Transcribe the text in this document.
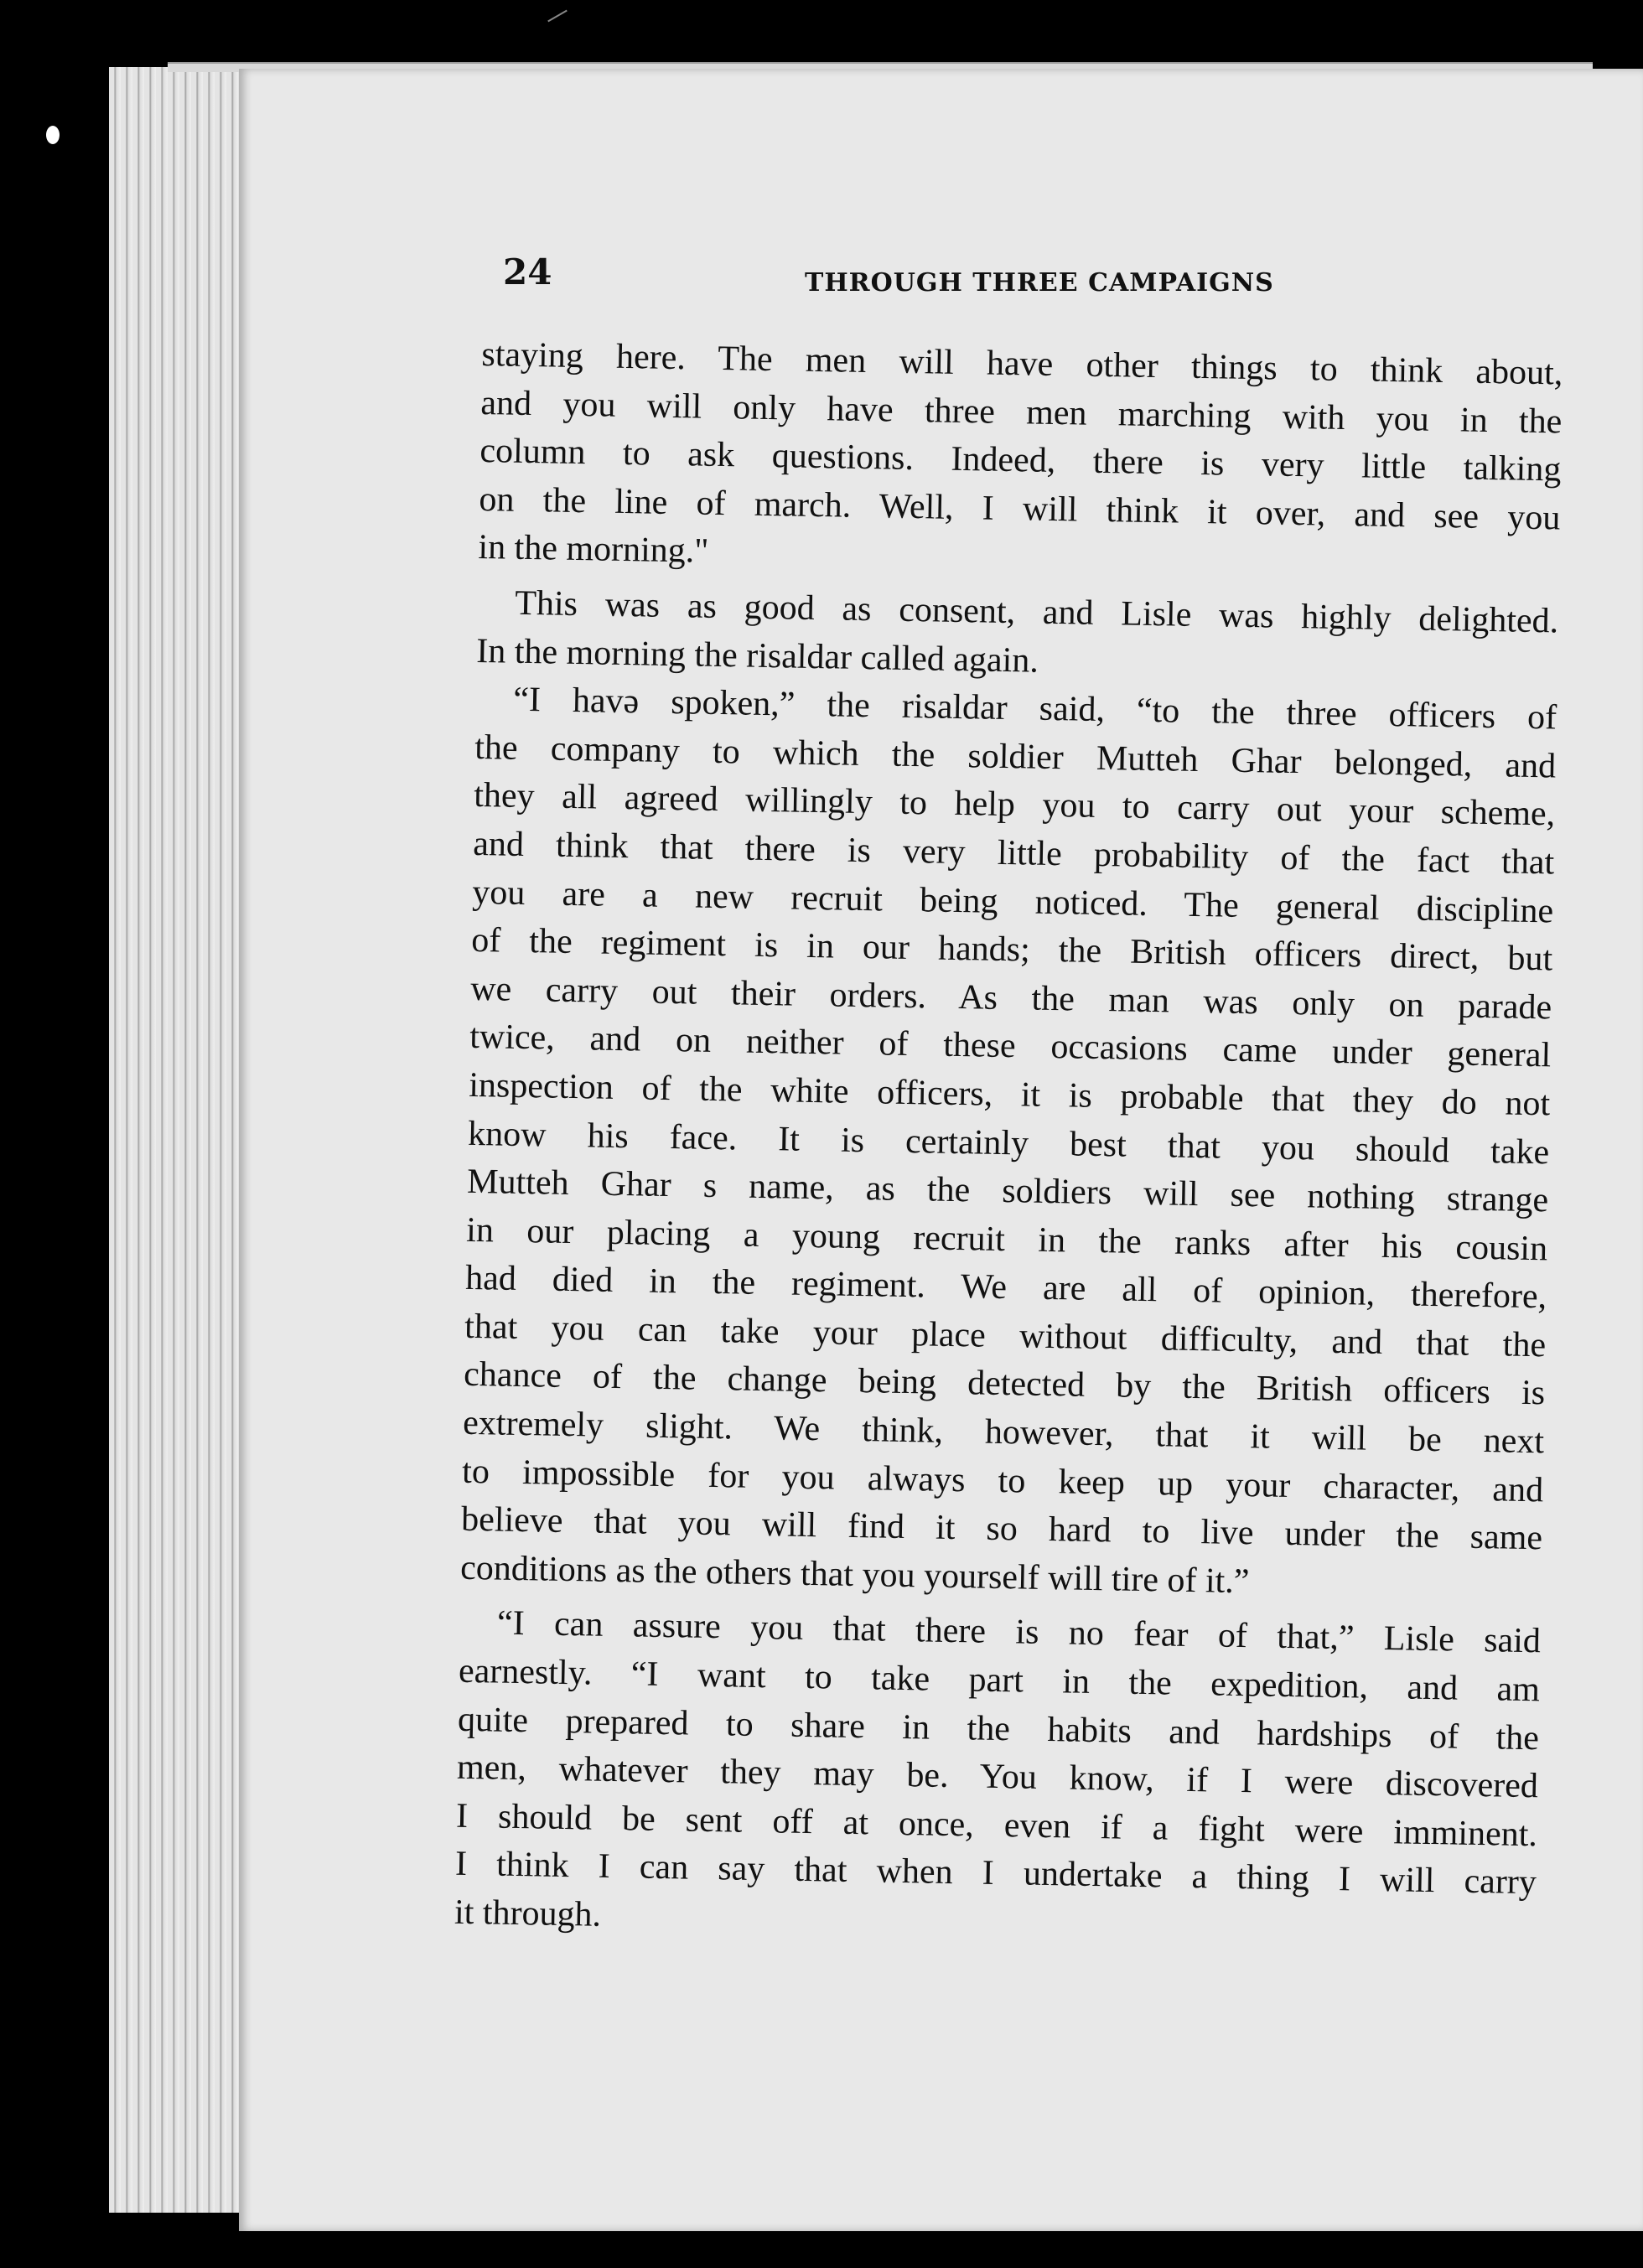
24	THROUGH THREE CAMPAIGNS
staying here. The men will have other things to think about,
and you will only have three men marching with you in the
column to ask questions. Indeed, there is very little talking
on the line of march. Well, I will think it over, and see you
in the morning."
This was as good as consent, and Lisle was highly delighted.
In the morning the risaldar called again.
“I havə spoken,” the risaldar said, “to the three officers of
the company to which the soldier Mutteh Ghar belonged, and
they all agreed willingly to help you to carry out your scheme,
and think that there is very little probability of the fact that
you are a new recruit being noticed. The general discipline
of the regiment is in our hands; the British officers direct, but
we carry out their orders. As the man was only on parade
twice, and on neither of these occasions came under general
inspection of the white officers, it is probable that they do not
know his face. It is certainly best that you should take
Mutteh Ghar s name, as the soldiers will see nothing strange
in our placing a young recruit in the ranks after his cousin
had died in the regiment. We are all of opinion, therefore,
that you can take your place without difficulty, and that the
chance of the change being detected by the British officers is
extremely slight. We think, however, that it will be next
to impossible for you always to keep up your character, and
believe that you will find it so hard to live under the same
conditions as the others that you yourself will tire of it.”
“I can assure you that there is no fear of that,” Lisle said
earnestly. “I want to take part in the expedition, and am
quite prepared to share in the habits and hardships of the
men, whatever they may be. You know, if I were discovered
I should be sent off at once, even if a fight were imminent.
I think I can say that when I undertake a thing I will carry
it through.
